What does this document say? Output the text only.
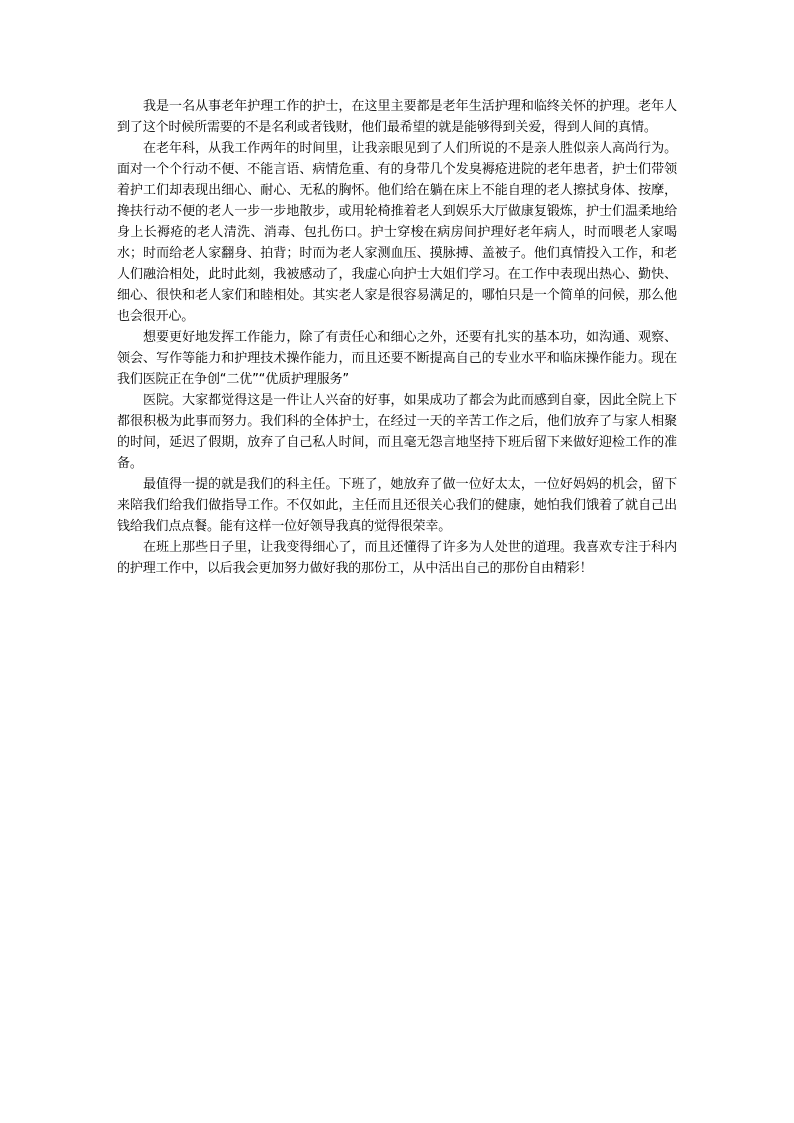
我是一名从事老年护理工作的护士，在这里主要都是老年生活护理和临终关怀的护理。老年人到了这个时候所需要的不是名利或者钱财，他们最希望的就是能够得到关爱，得到人间的真情。

在老年科，从我工作两年的时间里，让我亲眼见到了人们所说的不是亲人胜似亲人高尚行为。面对一个个行动不便、不能言语、病情危重、有的身带几个发臭褥疮进院的老年患者，护士们带领着护工们却表现出细心、耐心、无私的胸怀。他们给在躺在床上不能自理的老人擦拭身体、按摩，搀扶行动不便的老人一步一步地散步，或用轮椅推着老人到娱乐大厅做康复锻炼，护士们温柔地给身上长褥疮的老人清洗、消毒、包扎伤口。护士穿梭在病房间护理好老年病人，时而喂老人家喝水；时而给老人家翻身、拍背；时而为老人家测血压、摸脉搏、盖被子。他们真情投入工作，和老人们融洽相处，此时此刻，我被感动了，我虚心向护士大姐们学习。在工作中表现出热心、勤快、细心、很快和老人家们和睦相处。其实老人家是很容易满足的，哪怕只是一个简单的问候，那么他也会很开心。

想要更好地发挥工作能力，除了有责任心和细心之外，还要有扎实的基本功，如沟通、观察、领会、写作等能力和护理技术操作能力，而且还要不断提高自己的专业水平和临床操作能力。现在我们医院正在争创“二优”“优质护理服务”

医院。大家都觉得这是一件让人兴奋的好事，如果成功了都会为此而感到自豪，因此全院上下都很积极为此事而努力。我们科的全体护士，在经过一天的辛苦工作之后，他们放弃了与家人相聚的时间，延迟了假期，放弃了自己私人时间，而且毫无怨言地坚持下班后留下来做好迎检工作的准备。

最值得一提的就是我们的科主任。下班了，她放弃了做一位好太太，一位好妈妈的机会，留下来陪我们给我们做指导工作。不仅如此，主任而且还很关心我们的健康，她怕我们饿着了就自己出钱给我们点点餐。能有这样一位好领导我真的觉得很荣幸。

在班上那些日子里，让我变得细心了，而且还懂得了许多为人处世的道理。我喜欢专注于科内的护理工作中，以后我会更加努力做好我的那份工，从中活出自己的那份自由精彩！
